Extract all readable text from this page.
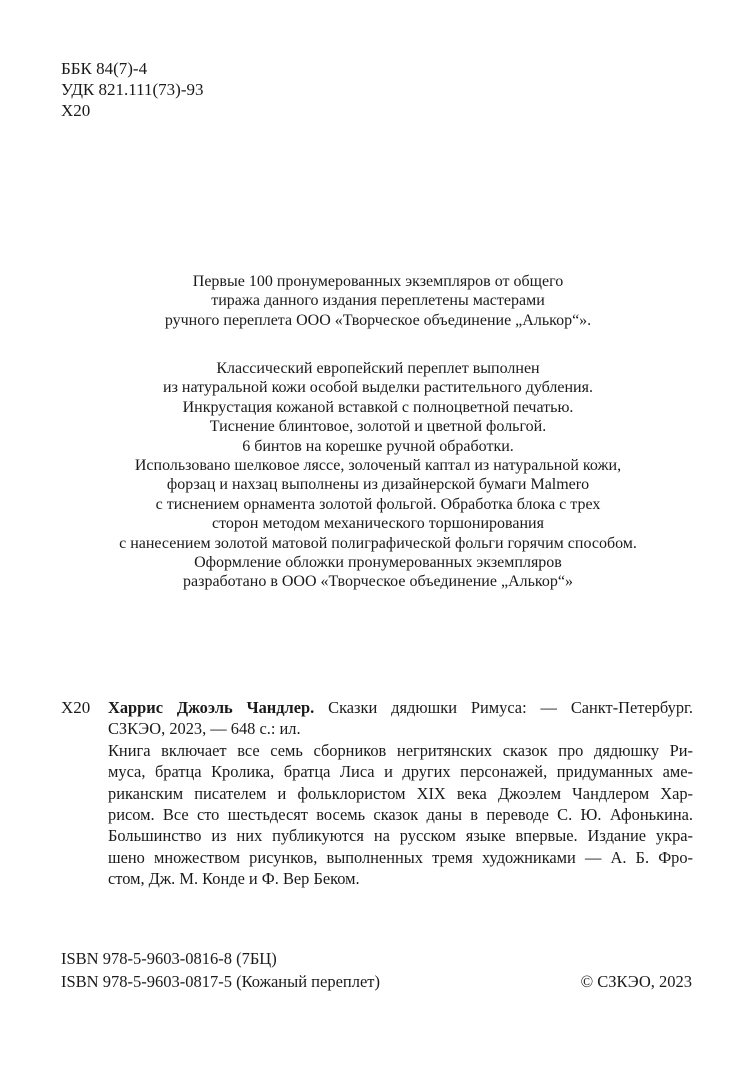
ББК 84(7)-4
УДК 821.111(73)-93
Х20
Первые 100 пронумерованных экземпляров от общего
тиража данного издания переплетены мастерами
ручного переплета ООО «Творческое объединение „Алькор“».
Классический европейский переплет выполнен
из натуральной кожи особой выделки растительного дубления.
Инкрустация кожаной вставкой с полноцветной печатью.
Тиснение блинтовое, золотой и цветной фольгой.
6 бинтов на корешке ручной обработки.
Использовано шелковое ляссе, золоченый каптал из натуральной кожи,
форзац и нахзац выполнены из дизайнерской бумаги Malmero
с тиснением орнамента золотой фольгой. Обработка блока с трех
сторон методом механического торшонирования
с нанесением золотой матовой полиграфической фольги горячим способом.
Оформление обложки пронумерованных экземпляров
разработано в ООО «Творческое объединение „Алькор“»
Х20 Харрис Джоэль Чандлер. Сказки дядюшки Римуса: — Санкт-Петербург.
СЗКЭО, 2023, — 648 с.: ил.
Книга включает все семь сборников негритянских сказок про дядюшку Ри-
муса, братца Кролика, братца Лиса и других персонажей, придуманных аме-
риканским писателем и фольклористом XIX века Джоэлем Чандлером Хар-
рисом. Все сто шестьдесят восемь сказок даны в переводе С. Ю. Афонькина.
Большинство из них публикуются на русском языке впервые. Издание укра-
шено множеством рисунков, выполненных тремя художниками — А. Б. Фро-
стом, Дж. М. Конде и Ф. Вер Беком.
ISBN 978-5-9603-0816-8 (7БЦ)
ISBN 978-5-9603-0817-5 (Кожаный переплет)	© СЗКЭО, 2023
